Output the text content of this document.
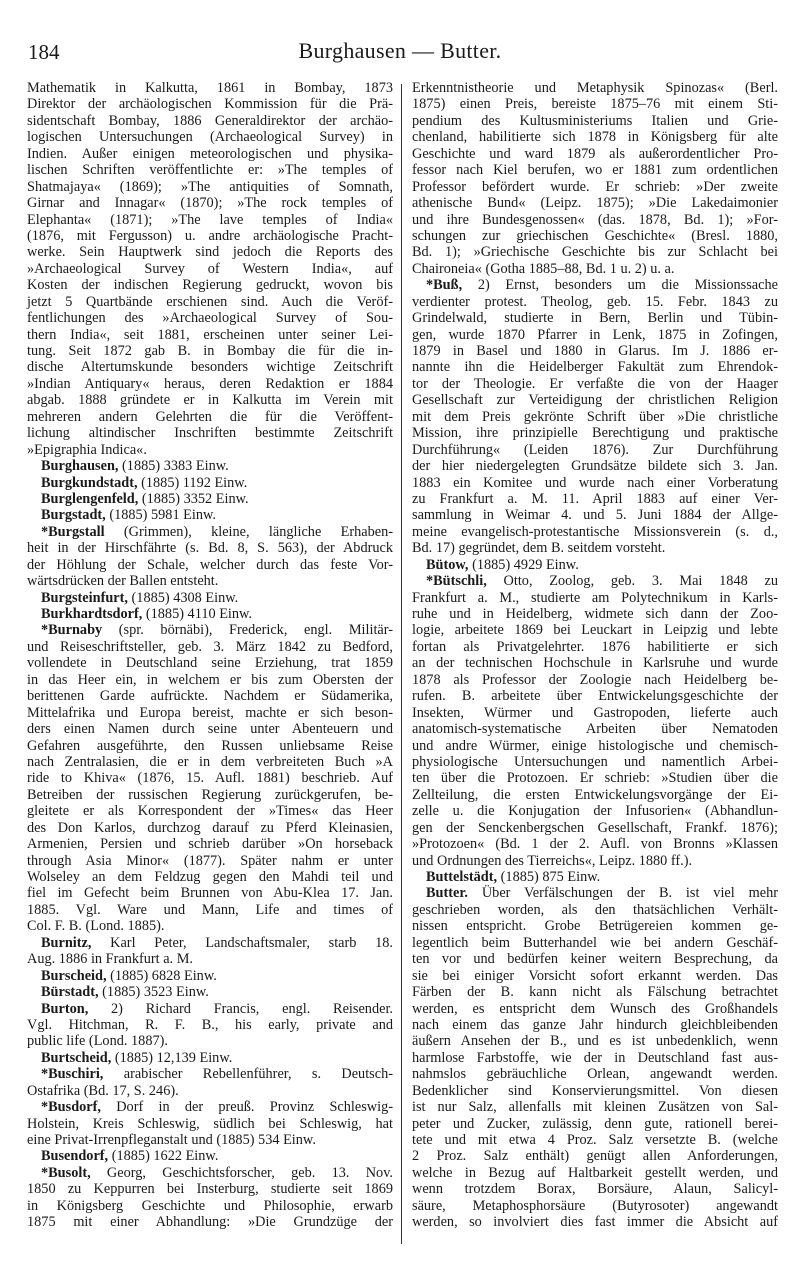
184	Burghausen — Butter.
Mathematik in Kalkutta, 1861 in Bombay, 1873
Direktor der archäologischen Kommission für die Prä-
sidentschaft Bombay, 1886 Generaldirektor der archäo-
logischen Untersuchungen (Archaeological Survey) in
Indien. Außer einigen meteorologischen und physika-
lischen Schriften veröffentlichte er: »The temples of
Shatmajaya« (1869); »The antiquities of Somnath,
Girnar and Innagar« (1870); »The rock temples of
Elephanta« (1871); »The lave temples of India«
(1876, mit Fergusson) u. andre archäologische Pracht-
werke. Sein Hauptwerk sind jedoch die Reports des
»Archaeological Survey of Western India«, auf
Kosten der indischen Regierung gedruckt, wovon bis
jetzt 5 Quartbände erschienen sind. Auch die Veröf-
fentlichungen des »Archaeological Survey of Sou-
thern India«, seit 1881, erscheinen unter seiner Lei-
tung. Seit 1872 gab B. in Bombay die für die in-
dische Altertumskunde besonders wichtige Zeitschrift
»Indian Antiquary« heraus, deren Redaktion er 1884
abgab. 1888 gründete er in Kalkutta im Verein mit
mehreren andern Gelehrten die für die Veröffent-
lichung altindischer Inschriften bestimmte Zeitschrift
»Epigraphia Indica«.
Burghausen, (1885) 3383 Einw.
Burgkundstadt, (1885) 1192 Einw.
Burglengenfeld, (1885) 3352 Einw.
Burgstadt, (1885) 5981 Einw.
*Burgstall (Grimmen), kleine, längliche Erhaben-
heit in der Hirschfährte (s. Bd. 8, S. 563), der Abdruck
der Höhlung der Schale, welcher durch das feste Vor-
wärtsdrücken der Ballen entsteht.
Burgsteinfurt, (1885) 4308 Einw.
Burkhardtsdorf, (1885) 4110 Einw.
*Burnaby (spr. börnäbi), Frederick, engl. Militär-
und Reiseschriftsteller, geb. 3. März 1842 zu Bedford,
vollendete in Deutschland seine Erziehung, trat 1859
in das Heer ein, in welchem er bis zum Obersten der
berittenen Garde aufrückte. Nachdem er Südamerika,
Mittelafrika und Europa bereist, machte er sich beson-
ders einen Namen durch seine unter Abenteuern und
Gefahren ausgeführte, den Russen unliebsame Reise
nach Zentralasien, die er in dem verbreiteten Buch »A
ride to Khiva« (1876, 15. Aufl. 1881) beschrieb. Auf
Betreiben der russischen Regierung zurückgerufen, be-
gleitete er als Korrespondent der »Times« das Heer
des Don Karlos, durchzog darauf zu Pferd Kleinasien,
Armenien, Persien und schrieb darüber »On horseback
through Asia Minor« (1877). Später nahm er unter
Wolseley an dem Feldzug gegen den Mahdi teil und
fiel im Gefecht beim Brunnen von Abu-Klea 17. Jan.
1885. Vgl. Ware und Mann, Life and times of
Col. F. B. (Lond. 1885).
Burnitz, Karl Peter, Landschaftsmaler, starb 18.
Aug. 1886 in Frankfurt a. M.
Burscheid, (1885) 6828 Einw.
Bürstadt, (1885) 3523 Einw.
Burton, 2) Richard Francis, engl. Reisender.
Vgl. Hitchman, R. F. B., his early, private and
public life (Lond. 1887).
Burtscheid, (1885) 12,139 Einw.
*Buschiri, arabischer Rebellenführer, s. Deutsch-
Ostafrika (Bd. 17, S. 246).
*Busdorf, Dorf in der preuß. Provinz Schleswig-
Holstein, Kreis Schleswig, südlich bei Schleswig, hat
eine Privat-Irrenpfleganstalt und (1885) 534 Einw.
Busendorf, (1885) 1622 Einw.
*Busolt, Georg, Geschichtsforscher, geb. 13. Nov.
1850 zu Keppurren bei Insterburg, studierte seit 1869
in Königsberg Geschichte und Philosophie, erwarb
1875 mit einer Abhandlung: »Die Grundzüge der
Erkenntnistheorie und Metaphysik Spinozas« (Berl.
1875) einen Preis, bereiste 1875–76 mit einem Sti-
pendium des Kultusministeriums Italien und Grie-
chenland, habilitierte sich 1878 in Königsberg für alte
Geschichte und ward 1879 als außerordentlicher Pro-
fessor nach Kiel berufen, wo er 1881 zum ordentlichen
Professor befördert wurde. Er schrieb: »Der zweite
athenische Bund« (Leipz. 1875); »Die Lakedaimonier
und ihre Bundesgenossen« (das. 1878, Bd. 1); »For-
schungen zur griechischen Geschichte« (Bresl. 1880,
Bd. 1); »Griechische Geschichte bis zur Schlacht bei
Chaironeia« (Gotha 1885–88, Bd. 1 u. 2) u. a.
*Buß, 2) Ernst, besonders um die Missionssache
verdienter protest. Theolog, geb. 15. Febr. 1843 zu
Grindelwald, studierte in Bern, Berlin und Tübin-
gen, wurde 1870 Pfarrer in Lenk, 1875 in Zofingen,
1879 in Basel und 1880 in Glarus. Im J. 1886 er-
nannte ihn die Heidelberger Fakultät zum Ehrendok-
tor der Theologie. Er verfaßte die von der Haager
Gesellschaft zur Verteidigung der christlichen Religion
mit dem Preis gekrönte Schrift über »Die christliche
Mission, ihre prinzipielle Berechtigung und praktische
Durchführung« (Leiden 1876). Zur Durchführung
der hier niedergelegten Grundsätze bildete sich 3. Jan.
1883 ein Komitee und wurde nach einer Vorberatung
zu Frankfurt a. M. 11. April 1883 auf einer Ver-
sammlung in Weimar 4. und 5. Juni 1884 der Allge-
meine evangelisch-protestantische Missionsverein (s. d.,
Bd. 17) gegründet, dem B. seitdem vorsteht.
Bütow, (1885) 4929 Einw.
*Bütschli, Otto, Zoolog, geb. 3. Mai 1848 zu
Frankfurt a. M., studierte am Polytechnikum in Karls-
ruhe und in Heidelberg, widmete sich dann der Zoo-
logie, arbeitete 1869 bei Leuckart in Leipzig und lebte
fortan als Privatgelehrter. 1876 habilitierte er sich
an der technischen Hochschule in Karlsruhe und wurde
1878 als Professor der Zoologie nach Heidelberg be-
rufen. B. arbeitete über Entwickelungsgeschichte der
Insekten, Würmer und Gastropoden, lieferte auch
anatomisch-systematische Arbeiten über Nematoden
und andre Würmer, einige histologische und chemisch-
physiologische Untersuchungen und namentlich Arbei-
ten über die Protozoen. Er schrieb: »Studien über die
Zellteilung, die ersten Entwickelungsvorgänge der Ei-
zelle u. die Konjugation der Infusorien« (Abhandlun-
gen der Senckenbergschen Gesellschaft, Frankf. 1876);
»Protozoen« (Bd. 1 der 2. Aufl. von Bronns »Klassen
und Ordnungen des Tierreichs«, Leipz. 1880 ff.).
Buttelstädt, (1885) 875 Einw.
Butter. Über Verfälschungen der B. ist viel mehr
geschrieben worden, als den thatsächlichen Verhält-
nissen entspricht. Grobe Betrügereien kommen ge-
legentlich beim Butterhandel wie bei andern Geschäf-
ten vor und bedürfen keiner weitern Besprechung, da
sie bei einiger Vorsicht sofort erkannt werden. Das
Färben der B. kann nicht als Fälschung betrachtet
werden, es entspricht dem Wunsch des Großhandels
nach einem das ganze Jahr hindurch gleichbleibenden
äußern Ansehen der B., und es ist unbedenklich, wenn
harmlose Farbstoffe, wie der in Deutschland fast aus-
nahmslos gebräuchliche Orlean, angewandt werden.
Bedenklicher sind Konservierungsmittel. Von diesen
ist nur Salz, allenfalls mit kleinen Zusätzen von Sal-
peter und Zucker, zulässig, denn gute, rationell berei-
tete und mit etwa 4 Proz. Salz versetzte B. (welche
2 Proz. Salz enthält) genügt allen Anforderungen,
welche in Bezug auf Haltbarkeit gestellt werden, und
wenn trotzdem Borax, Borsäure, Alaun, Salicyl-
säure, Metaphosphorsäure (Butyrosoter) angewandt
werden, so involviert dies fast immer die Absicht auf
